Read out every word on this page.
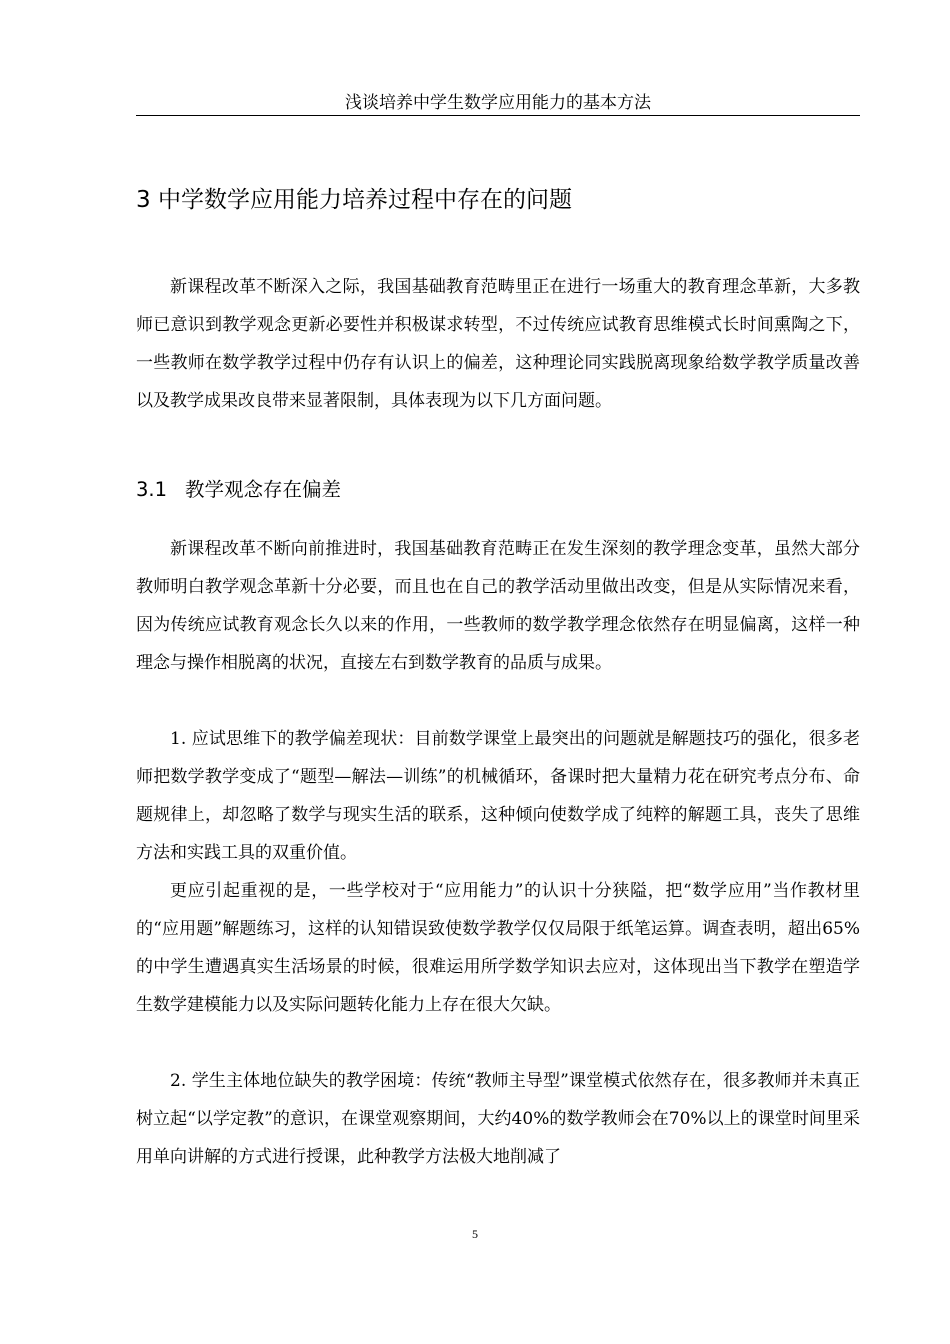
浅谈培养中学生数学应用能力的基本方法
3 中学数学应用能力培养过程中存在的问题

新课程改革不断深入之际，我国基础教育范畴里正在进行一场重大的教育理念革新，大多教师已意识到教学观念更新必要性并积极谋求转型，不过传统应试教育思维模式长时间熏陶之下，一些教师在数学教学过程中仍存有认识上的偏差，这种理论同实践脱离现象给数学教学质量改善以及教学成果改良带来显著限制，具体表现为以下几方面问题。

3.1 教学观念存在偏差

新课程改革不断向前推进时，我国基础教育范畴正在发生深刻的教学理念变革，虽然大部分教师明白教学观念革新十分必要，而且也在自己的教学活动里做出改变，但是从实际情况来看，因为传统应试教育观念长久以来的作用，一些教师的数学教学理念依然存在明显偏离，这样一种理念与操作相脱离的状况，直接左右到数学教育的品质与成果。

1. 应试思维下的教学偏差现状：目前数学课堂上最突出的问题就是解题技巧的强化，很多老师把数学教学变成了“题型—解法—训练”的机械循环，备课时把大量精力花在研究考点分布、命题规律上，却忽略了数学与现实生活的联系，这种倾向使数学成了纯粹的解题工具，丧失了思维方法和实践工具的双重价值。

更应引起重视的是，一些学校对于“应用能力”的认识十分狭隘，把“数学应用”当作教材里的“应用题”解题练习，这样的认知错误致使数学教学仅仅局限于纸笔运算。调查表明，超出65%的中学生遭遇真实生活场景的时候，很难运用所学数学知识去应对，这体现出当下教学在塑造学生数学建模能力以及实际问题转化能力上存在很大欠缺。

2. 学生主体地位缺失的教学困境：传统“教师主导型”课堂模式依然存在，很多教师并未真正树立起“以学定教”的意识，在课堂观察期间，大约40%的数学教师会在70%以上的课堂时间里采用单向讲解的方式进行授课，此种教学方法极大地削减了

5
